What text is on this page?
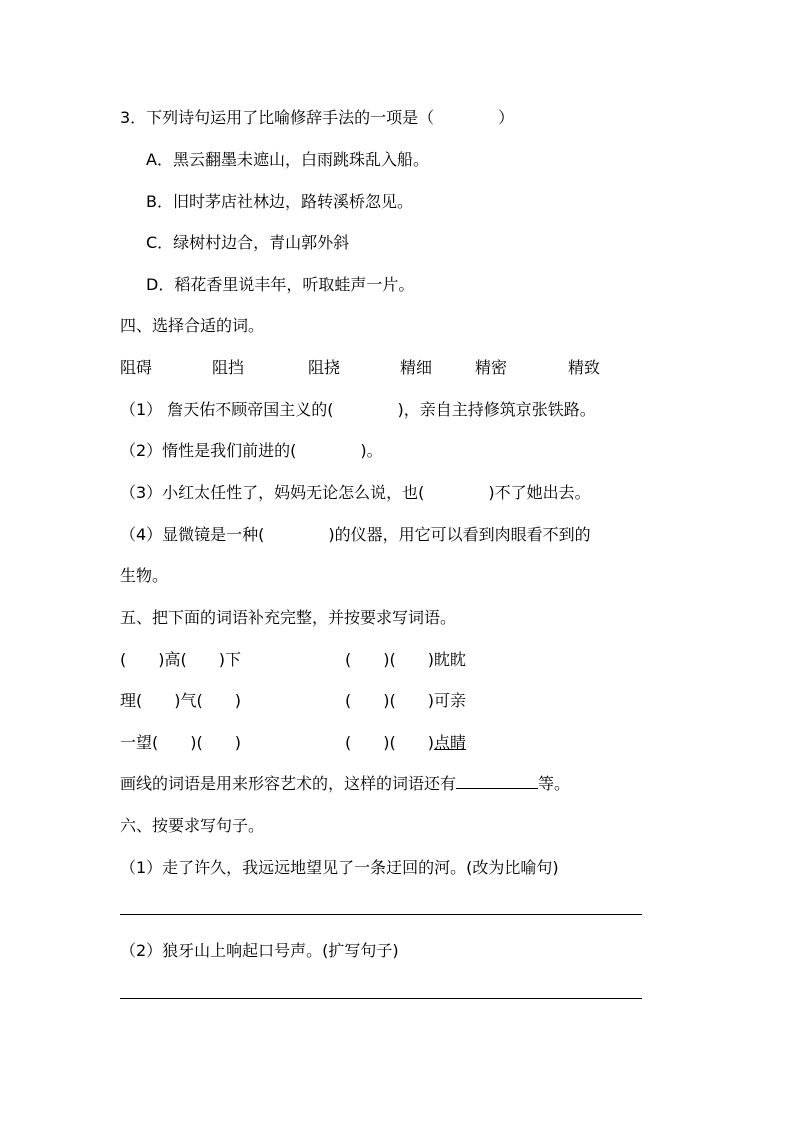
3．下列诗句运用了比喻修辞手法的一项是（　　　　）
A．黑云翻墨未遮山，白雨跳珠乱入船。
B．旧时茅店社林边，路转溪桥忽见。
C．绿树村边合，青山郭外斜
D．稻花香里说丰年，听取蛙声一片。
四、选择合适的词。
阻碍	阻挡	阻挠	精细	精密	精致
（1） 詹天佑不顾帝国主义的(　　　　)，亲自主持修筑京张铁路。
（2）惰性是我们前进的(　　　　)。
（3）小红太任性了，妈妈无论怎么说，也(　　　　)不了她出去。
（4）显微镜是一种(　　　　)的仪器，用它可以看到肉眼看不到的
生物。
五、把下面的词语补充完整，并按要求写词语。
(　　)高(　　)下	(　　)(　　)眈眈
理(　　)气(　　)	(　　)(　　)可亲
一望(　　)(　　)	(　　)(　　)点睛
画线的词语是用来形容艺术的，这样的词语还有	等。
六、按要求写句子。
（1）走了许久，我远远地望见了一条迂回的河。(改为比喻句)
（2）狼牙山上响起口号声。(扩写句子)
